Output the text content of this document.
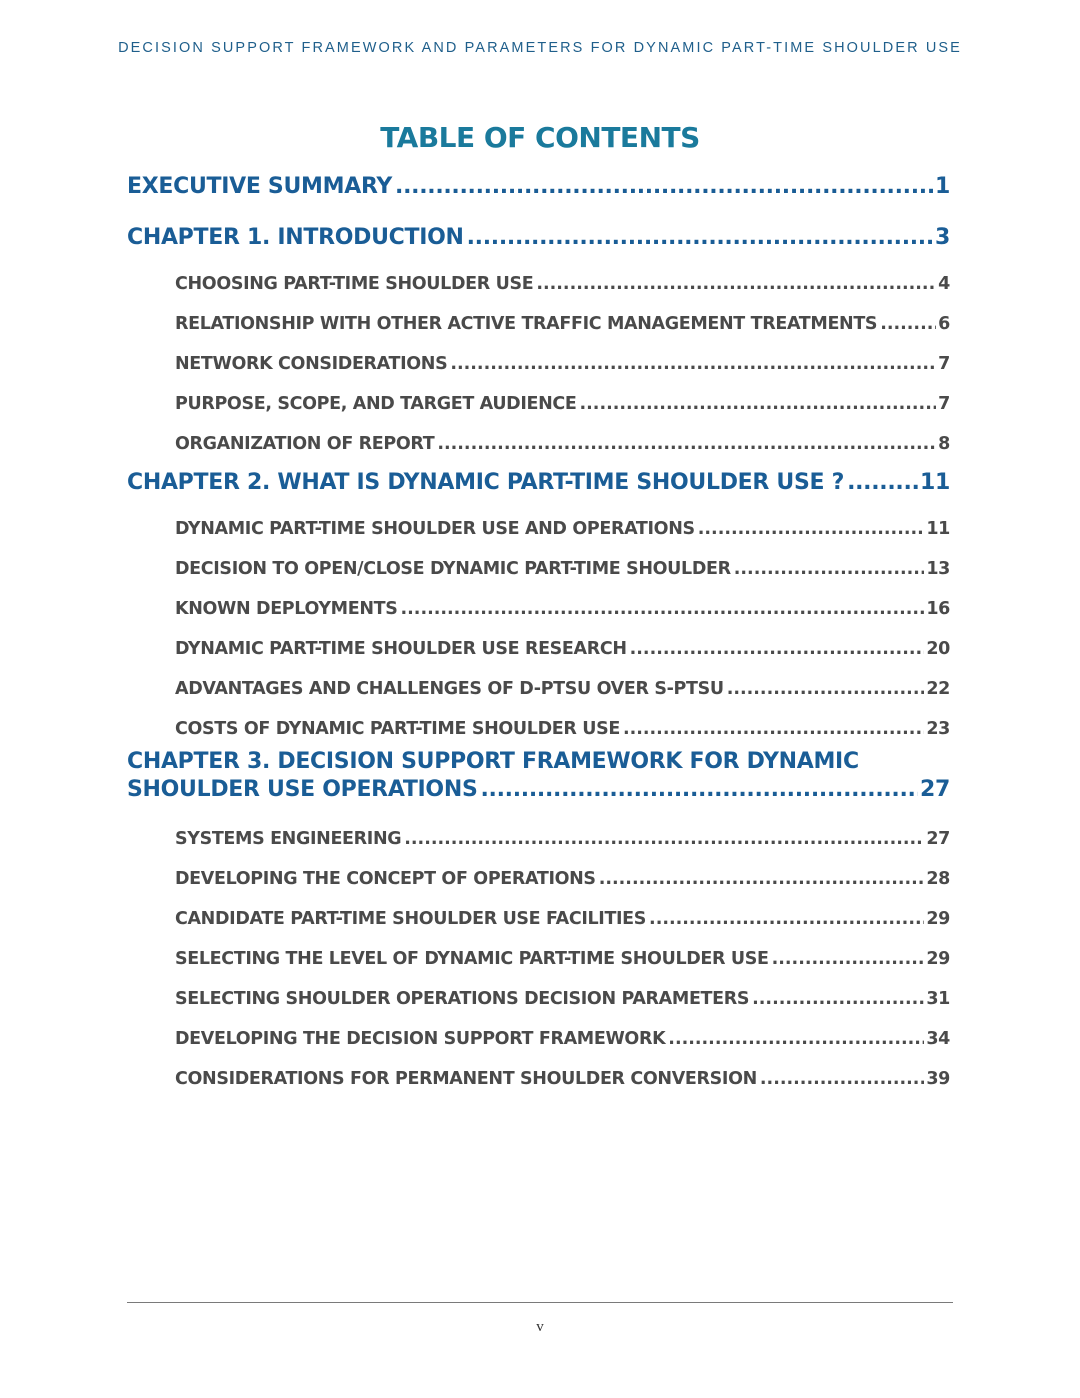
DECISION SUPPORT FRAMEWORK AND PARAMETERS FOR DYNAMIC PART-TIME SHOULDER USE
TABLE OF CONTENTS
EXECUTIVE SUMMARY .....	1
CHAPTER 1. INTRODUCTION .....	3
CHOOSING PART-TIME SHOULDER USE .....	4
RELATIONSHIP WITH OTHER ACTIVE TRAFFIC MANAGEMENT TREATMENTS .....	6
NETWORK CONSIDERATIONS .....	7
PURPOSE, SCOPE, AND TARGET AUDIENCE .....	7
ORGANIZATION OF REPORT .....	8
CHAPTER 2. WHAT IS DYNAMIC PART-TIME SHOULDER USE ? .....	11
DYNAMIC PART-TIME SHOULDER USE AND OPERATIONS .....	11
DECISION TO OPEN/CLOSE DYNAMIC PART-TIME SHOULDER .....	13
KNOWN DEPLOYMENTS .....	16
DYNAMIC PART-TIME SHOULDER USE RESEARCH .....	20
ADVANTAGES AND CHALLENGES OF D-PTSU OVER S-PTSU .....	22
COSTS OF DYNAMIC PART-TIME SHOULDER USE .....	23
CHAPTER 3. DECISION SUPPORT FRAMEWORK FOR DYNAMIC
SHOULDER USE OPERATIONS .....	27
SYSTEMS ENGINEERING .....	27
DEVELOPING THE CONCEPT OF OPERATIONS .....	28
CANDIDATE PART-TIME SHOULDER USE FACILITIES .....	29
SELECTING THE LEVEL OF DYNAMIC PART-TIME SHOULDER USE .....	29
SELECTING SHOULDER OPERATIONS DECISION PARAMETERS .....	31
DEVELOPING THE DECISION SUPPORT FRAMEWORK .....	34
CONSIDERATIONS FOR PERMANENT SHOULDER CONVERSION .....	39
v
